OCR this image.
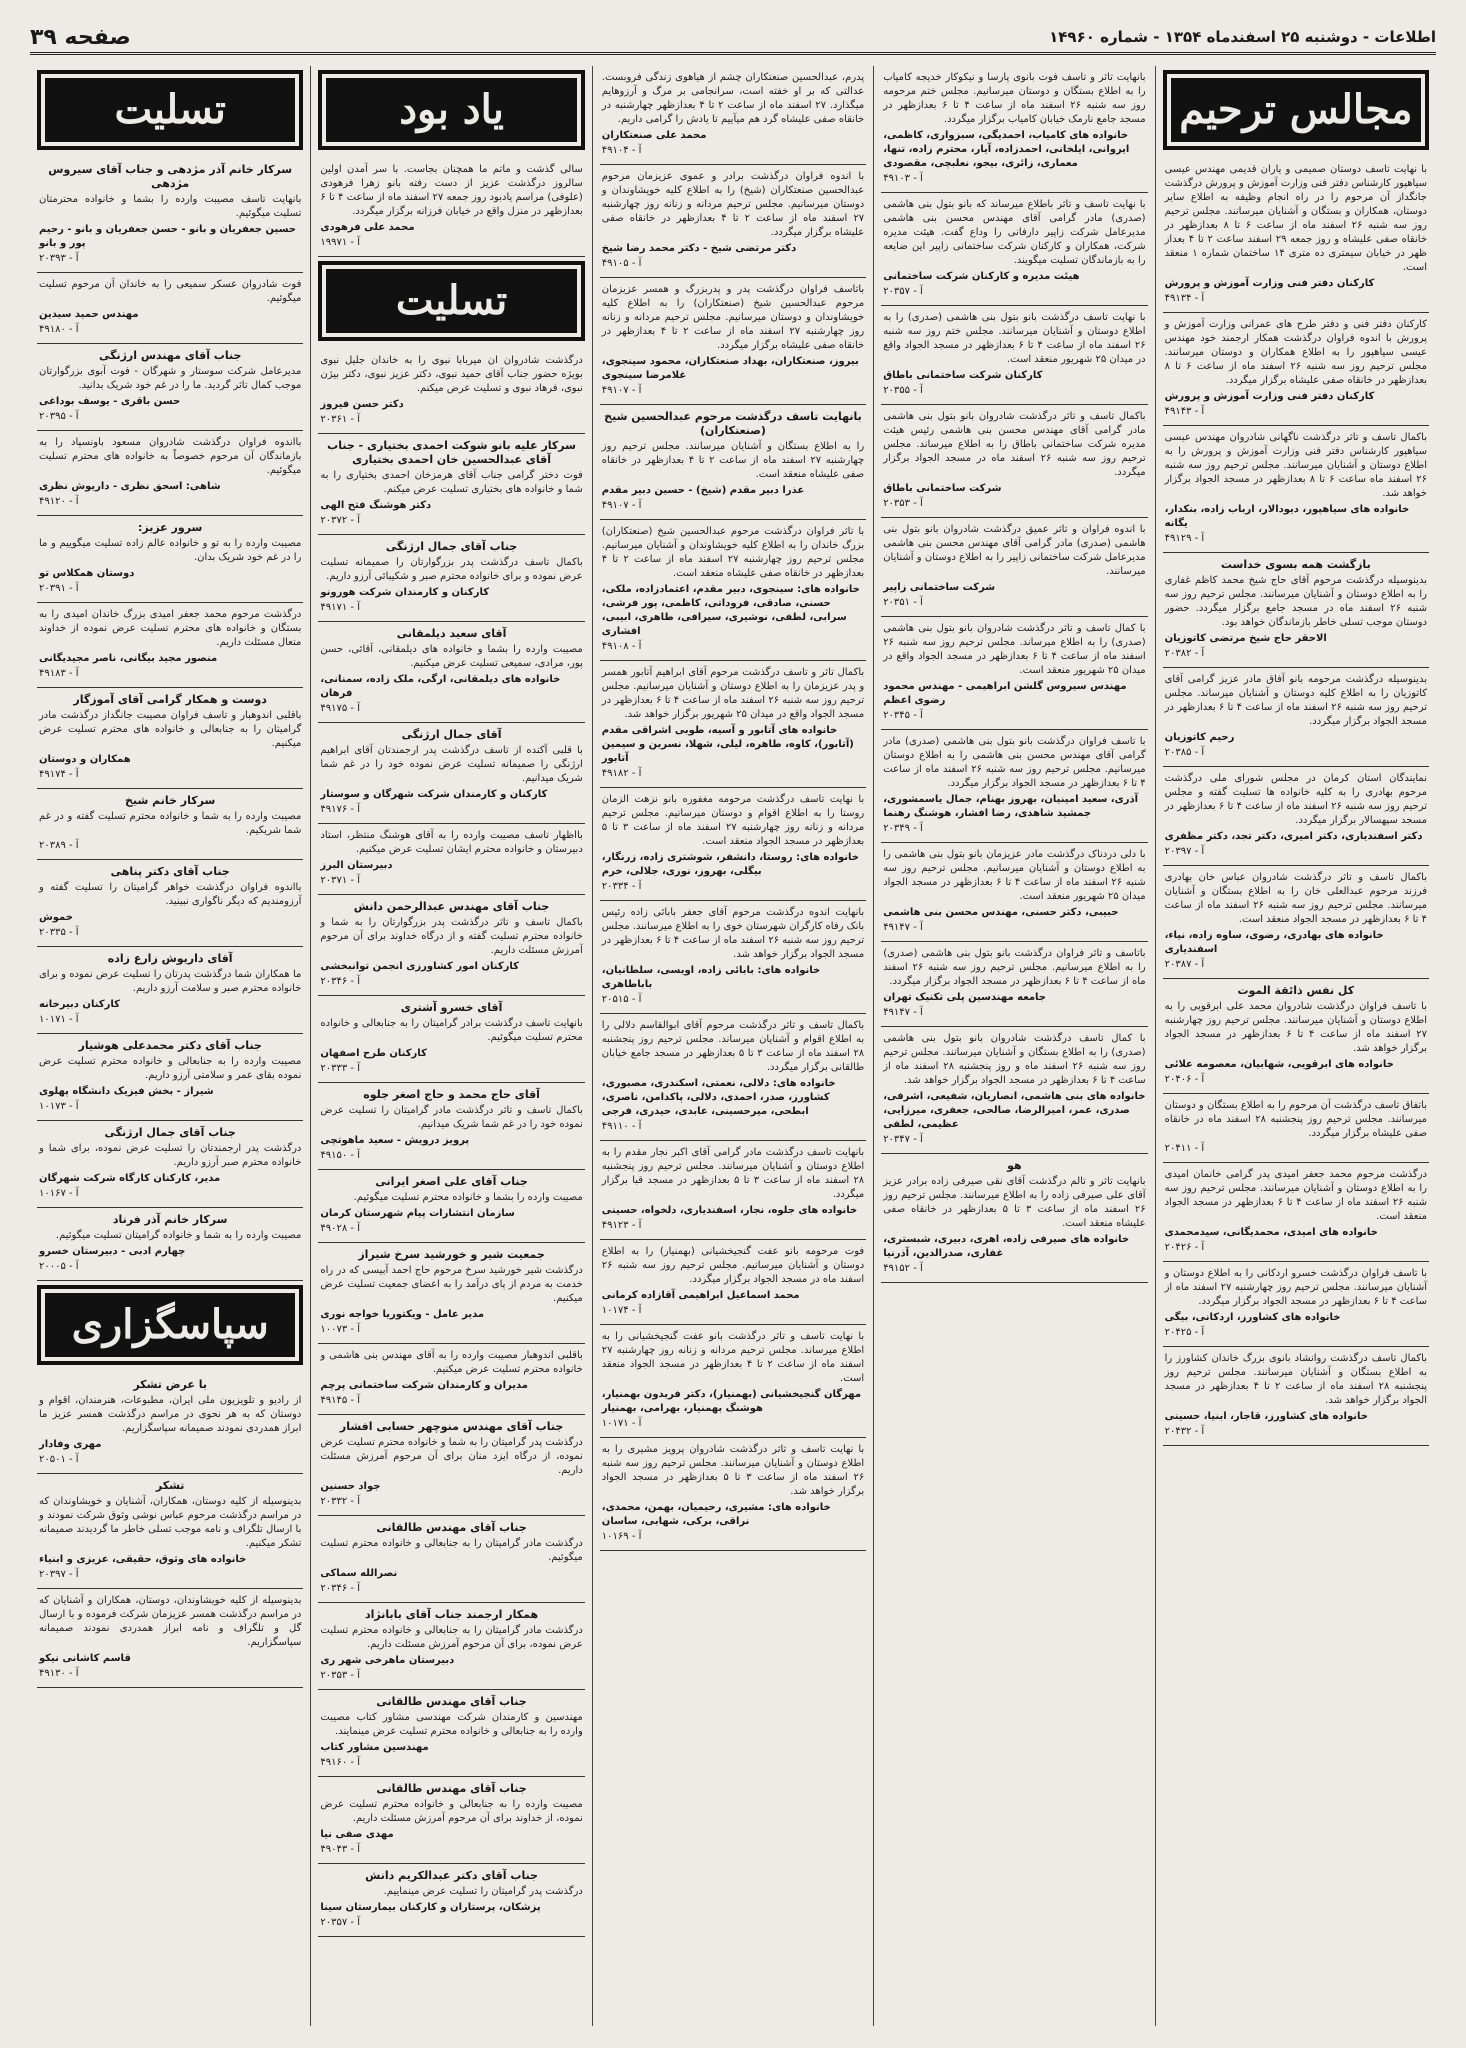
اطلاعات - دوشنبه ۲۵ اسفندماه ۱۳۵۴ - شماره ۱۴۹۶۰
صفحه ۳۹
مجالس ترحیم
با نهایت تاسف دوستان صمیمی و یاران قدیمی مهندس عیسی سیاهپور کارشناس دفتر فنی وزارت آموزش و پرورش درگذشت جانگداز آن مرحوم را در راه انجام وظیفه به اطلاع سایر دوستان، همکاران و بستگان و آشنایان میرسانند. مجلس ترحیم روز سه شنبه ۲۶ اسفند ماه از ساعت ۶ تا ۸ بعدازظهر در خانقاه صفی علیشاه و روز جمعه ۲۹ اسفند ساعت ۲ تا ۴ بعداز ظهر در خیابان سیمتری ده متری ۱۴ ساختمان شماره ۱ منعقد است.
کارکنان دفتر فنی وزارت آموزش و پرورش
۴۹۱۳۴ - آ
کارکنان دفتر فنی و دفتر طرح های عمرانی وزارت آموزش و پرورش با اندوه فراوان درگذشت همکار ارجمند خود مهندس عیسی سیاهپور را به اطلاع همکاران و دوستان میرسانند. مجلس ترحیم روز سه شنبه ۲۶ اسفند ماه از ساعت ۶ تا ۸ بعدازظهر در خانقاه صفی علیشاه برگزار میگردد.
کارکنان دفتر فنی وزارت آموزش و پرورش
۴۹۱۴۳ - آ
باکمال تاسف و تاثر درگذشت ناگهانی شادروان مهندس عیسی سیاهپور کارشناس دفتر فنی وزارت آموزش و پرورش را به اطلاع دوستان و آشنایان میرسانند. مجلس ترحیم روز سه شنبه ۲۶ اسفند ماه ساعت ۶ تا ۸ بعدازظهر در مسجد الجواد برگزار خواهد شد.
خانواده های سیاهپور، دیودالار، ارباب زاده، بنکدار، یگانه
۴۹۱۲۹ - آ
بازگشت همه بسوی خداست
بدینوسیله درگذشت مرحوم آقای حاج شیخ محمد کاظم غفاری را به اطلاع دوستان و آشنایان میرسانند. مجلس ترحیم روز سه شنبه ۲۶ اسفند ماه در مسجد جامع برگزار میگردد. حضور دوستان موجب تسلی خاطر بازماندگان خواهد بود.
الاحقر حاج شیخ مرتضی کاتوزیان
۲۰۳۸۲ - آ
بدینوسیله درگذشت مرحومه بانو آفاق مادر عزیز گرامی آقای کاتوزیان را به اطلاع کلیه دوستان و آشنایان میرساند. مجلس ترحیم روز سه شنبه ۲۶ اسفند ماه از ساعت ۴ تا ۶ بعدازظهر در مسجد الجواد برگزار میگردد.
رحیم کاتوزیان
۲۰۳۸۵ - آ
نمایندگان استان کرمان در مجلس شورای ملی درگذشت مرحوم بهادری را به کلیه خانواده ها تسلیت گفته و مجلس ترحیم روز سه شنبه ۲۶ اسفند ماه از ساعت ۴ تا ۶ بعدازظهر در مسجد سپهسالار برگزار میگردد.
دکتر اسفندیاری، دکتر امیری، دکتر تجد، دکتر مظفری
۲۰۳۹۷ - آ
باکمال تاسف و تاثر درگذشت شادروان عباس خان بهادری فرزند مرحوم عبدالعلی خان را به اطلاع بستگان و آشنایان میرسانند. مجلس ترحیم روز سه شنبه ۲۶ اسفند ماه از ساعت ۴ تا ۶ بعدازظهر در مسجد الجواد منعقد است.
خانواده های بهادری، رضوی، ساوه زاده، نیاء، اسفندیاری
۲۰۳۸۷ - آ
کل نفس ذائقة الموت
با تاسف فراوان درگذشت شادروان محمد علی ابرقویی را به اطلاع دوستان و آشنایان میرسانند. مجلس ترحیم روز چهارشنبه ۲۷ اسفند ماه از ساعت ۴ تا ۶ بعدازظهر در مسجد الجواد برگزار خواهد شد.
خانواده های ابرقویی، شهابیان، معصومه علائی
۲۰۴۰۶ - آ
باتفاق تاسف درگذشت آن مرحوم را به اطلاع بستگان و دوستان میرسانند. مجلس ترحیم روز پنجشنبه ۲۸ اسفند ماه در خانقاه صفی علیشاه برگزار میگردد.
۲۰۴۱۱ - آ
درگذشت مرحوم محمد جعفر امیدی پدر گرامی خانمان امیدی را به اطلاع دوستان و آشنایان میرسانند. مجلس ترحیم روز سه شنبه ۲۶ اسفند ماه از ساعت ۴ تا ۶ بعدازظهر در مسجد الجواد منعقد است.
خانواده های امیدی، محمدیگانی، سیدمحمدی
۲۰۴۲۶ - آ
با تاسف فراوان درگذشت خسرو اردکانی را به اطلاع دوستان و آشنایان میرسانند. مجلس ترحیم روز چهارشنبه ۲۷ اسفند ماه از ساعت ۴ تا ۶ بعدازظهر در مسجد الجواد برگزار میگردد.
خانواده های کشاورز، اردکانی، بیگی
۲۰۴۲۵ - آ
باکمال تاسف درگذشت روانشاد بانوی بزرگ خاندان کشاورز را به اطلاع بستگان و آشنایان میرسانند. مجلس ترحیم روز پنجشنبه ۲۸ اسفند ماه از ساعت ۲ تا ۴ بعدازظهر در مسجد الجواد برگزار خواهد شد.
خانواده های کشاورز، قاجار، ابنیا، حسینی
۲۰۴۳۲ - آ
بانهایت تاثر و تاسف فوت بانوی پارسا و نیکوکار خدیجه کامیاب را به اطلاع بستگان و دوستان میرسانیم. مجلس ختم مرحومه روز سه شنبه ۲۶ اسفند ماه از ساعت ۴ تا ۶ بعدازظهر در مسجد جامع نارمک خیابان کامیاب برگزار میگردد.
خانواده های کامیاب، احمدیگی، سبزواری، کاظمی، ایروانی، ایلخانی، احمدزاده، آیار، محترم زاده، تنها، معماری، زائری، بیجو، نعلبچی، مقصودی
۴۹۱۰۳ - آ
با نهایت تاسف و تاثر باطلاع میرساند که بانو بتول بنی هاشمی (صدری) مادر گرامی آقای مهندس محسن بنی هاشمی مدیرعامل شرکت زاپیر دارفانی را وداع گفت. هیئت مدیره شرکت، همکاران و کارکنان شرکت ساختمانی زاپیر این ضایعه را به بازماندگان تسلیت میگویند.
هیئت مدیره و کارکنان شرکت ساختمانی
۲۰۳۵۷ - آ
با نهایت تاسف درگذشت بانو بتول بنی هاشمی (صدری) را به اطلاع دوستان و آشنایان میرسانند. مجلس ختم روز سه شنبه ۲۶ اسفند ماه از ساعت ۴ تا ۶ بعدازظهر در مسجد الجواد واقع در میدان ۲۵ شهریور منعقد است.
کارکنان شرکت ساختمانی باطاق
۲۰۳۵۵ - آ
باکمال تاسف و تاثر درگذشت شادروان بانو بتول بنی هاشمی مادر گرامی آقای مهندس محسن بنی هاشمی رئیس هیئت مدیره شرکت ساختمانی باطاق را به اطلاع میرساند. مجلس ترحیم روز سه شنبه ۲۶ اسفند ماه در مسجد الجواد برگزار میگردد.
شرکت ساختمانی باطاق
۲۰۳۵۳ - آ
با اندوه فراوان و تاثر عمیق درگذشت شادروان بانو بتول بنی هاشمی (صدری) مادر گرامی آقای مهندس محسن بنی هاشمی مدیرعامل شرکت ساختمانی زاپیر را به اطلاع دوستان و آشنایان میرسانند.
شرکت ساختمانی زاپیر
۲۰۳۵۱ - آ
با کمال تاسف و تاثر درگذشت شادروان بانو بتول بنی هاشمی (صدری) را به اطلاع میرساند. مجلس ترحیم روز سه شنبه ۲۶ اسفند ماه از ساعت ۴ تا ۶ بعدازظهر در مسجد الجواد واقع در میدان ۲۵ شهریور منعقد است.
مهندس سیروس گلشن ابراهیمی - مهندس محمود رضوی اعظم
۲۰۳۴۵ - آ
با تاسف فراوان درگذشت بانو بتول بنی هاشمی (صدری) مادر گرامی آقای مهندس محسن بنی هاشمی را به اطلاع دوستان میرسانیم. مجلس ترحیم روز سه شنبه ۲۶ اسفند ماه از ساعت ۴ تا ۶ بعدازظهر در مسجد الجواد برگزار میگردد.
آذری، سعید امینیان، بهروز بهنام، جمال یاسمشوری، جمشید شاهدی، رضا افشار، هوشنگ رهنما
۲۰۳۴۹ - آ
با دلی دردناک درگذشت مادر عزیزمان بانو بتول بنی هاشمی را به اطلاع دوستان و آشنایان میرسانیم. مجلس ترحیم روز سه شنبه ۲۶ اسفند ماه از ساعت ۴ تا ۶ بعدازظهر در مسجد الجواد میدان ۲۵ شهریور منعقد است.
حبیبی، دکتر حسنی، مهندس محسن بنی هاشمی
۴۹۱۴۷ - آ
باتاسف و تاثر فراوان درگذشت بانو بتول بنی هاشمی (صدری) را به اطلاع میرسانیم. مجلس ترحیم روز سه شنبه ۲۶ اسفند ماه از ساعت ۴ تا ۶ بعدازظهر در مسجد الجواد برگزار میگردد.
جامعه مهندسین پلی تکنیک تهران
۴۹۱۴۷ - آ
با کمال تاسف درگذشت شادروان بانو بتول بنی هاشمی (صدری) را به اطلاع بستگان و آشنایان میرسانند. مجلس ترحیم روز سه شنبه ۲۶ اسفند ماه و روز پنجشنبه ۲۸ اسفند ماه از ساعت ۴ تا ۶ بعدازظهر در مسجد الجواد برگزار خواهد شد.
خانواده های بنی هاشمی، انصاریان، شفیعی، اشرفی، صدری، عمر، امیرالرضا، صالحی، جعفری، میرزایی، عظیمی، لطفی
۲۰۳۴۷ - آ
هو
بانهایت تاثر و تالم درگذشت آقای نقی صیرفی زاده برادر عزیز آقای علی صیرفی زاده را به اطلاع میرسانند. مجلس ترحیم روز ۲۶ اسفند ماه از ساعت ۳ تا ۵ بعدازظهر در خانقاه صفی علیشاه منعقد است.
خانواده های صیرفی زاده، اهری، دبیری، شبستری، غفاری، صدرالدین، آذرنیا
۴۹۱۵۲ - آ
پدرم، عبدالحسین صنعتکاران چشم از هیاهوی زندگی فروبست. عدالتی که بر او خفته است، سرانجامی بر مرگ و آرزوهایم میگذارد. ۲۷ اسفند ماه از ساعت ۲ تا ۴ بعدازظهر چهارشنبه در خانقاه صفی علیشاه گرد هم میآییم تا یادش را گرامی داریم.
محمد علی صنعتکاران
۴۹۱۰۴ - آ
با اندوه فراوان درگذشت برادر و عموی عزیزمان مرحوم عبدالحسین صنعتکاران (شیخ) را به اطلاع کلیه خویشاوندان و دوستان میرسانیم. مجلس ترحیم مردانه و زنانه روز چهارشنبه ۲۷ اسفند ماه از ساعت ۲ تا ۴ بعدازظهر در خانقاه صفی علیشاه برگزار میگردد.
دکتر مرتضی شیخ - دکتر محمد رضا شیخ
۴۹۱۰۵ - آ
باتاسف فراوان درگذشت پدر و پدربزرگ و همسر عزیزمان مرحوم عبدالحسین شیخ (صنعتکاران) را به اطلاع کلیه خویشاوندان و دوستان میرسانیم. مجلس ترحیم مردانه و زنانه روز چهارشنبه ۲۷ اسفند ماه از ساعت ۲ تا ۴ بعدازظهر در خانقاه صفی علیشاه برگزار میگردد.
بیروز، صنعتکاران، بهداد صنعتکاران، محمود سینجوی، غلامرضا سینجوی
۴۹۱۰۷ - آ
بانهایت تاسف درگذشت مرحوم عبدالحسین شیخ (صنعتکاران)
را به اطلاع بستگان و آشنایان میرسانند. مجلس ترحیم روز چهارشنبه ۲۷ اسفند ماه از ساعت ۲ تا ۴ بعدازظهر در خانقاه صفی علیشاه منعقد است.
عذرا دبیر مقدم (شیخ) - حسین دبیر مقدم
۴۹۱۰۷ - آ
با تاثر فراوان درگذشت مرحوم عبدالحسین شیخ (صنعتکاران) بزرگ خاندان را به اطلاع کلیه خویشاوندان و آشنایان میرسانیم. مجلس ترحیم روز چهارشنبه ۲۷ اسفند ماه از ساعت ۲ تا ۴ بعدازظهر در خانقاه صفی علیشاه منعقد است.
خانواده های: سینجوی، دبیر مقدم، اعتمادزاده، ملکی، حسنی، صادقی، فروداتی، کاظمی، پور فرشی، سرابی، لطفی، نوشیری، سیرافی، طاهری، ابیبی، افشاری
۴۹۱۰۸ - آ
باکمال تاثر و تاسف درگذشت مرحوم آقای ابراهیم آتابور همسر و پدر عزیزمان را به اطلاع دوستان و آشنایان میرسانیم. مجلس ترحیم روز سه شنبه ۲۶ اسفند ماه از ساعت ۴ تا ۶ بعدازظهر در مسجد الجواد واقع در میدان ۲۵ شهریور برگزار خواهد شد.
خانواده های آتابور و آسیه، طوبی اشراقی مقدم (آتابور)، کاوه، طاهره، لیلی، شهلا، نسرین و سیمین آتابور
۴۹۱۸۲ - آ
با نهایت تاسف درگذشت مرحومه مغفوره بانو نزهت الزمان روستا را به اطلاع اقوام و دوستان میرسانیم. مجلس ترحیم مردانه و زنانه روز چهارشنبه ۲۷ اسفند ماه از ساعت ۳ تا ۵ بعدازظهر در مسجد الجواد منعقد است.
خانواده های: روستا، دانشفر، شوشتری زاده، زرنگار، بیگلی، بهروز، نوری، جلالی، خرم
۲۰۳۳۴ - آ
بانهایت اندوه درگذشت مرحوم آقای جعفر بابائی زاده رئیس بانک رفاه کارگران شهرستان خوی را به اطلاع میرسانند. مجلس ترحیم روز سه شنبه ۲۶ اسفند ماه از ساعت ۴ تا ۶ بعدازظهر در مسجد الجواد برگزار خواهد شد.
خانواده های: بابائی زاده، اویسی، سلطانیان، باباطاهری
۲۰۵۱۵ - آ
باکمال تاسف و تاثر درگذشت مرحوم آقای ابوالقاسم دلالی را به اطلاع اقوام و آشنایان میرساند. مجلس ترحیم روز پنجشنبه ۲۸ اسفند ماه از ساعت ۳ تا ۵ بعدازظهر در مسجد جامع خیابان طالقانی برگزار میگردد.
خانواده های: دلالی، نعمتی، اسکندری، مصبوری، کشاورز، صدر، احمدی، دلالی، پاکدامن، ناصری، ابطحی، میرحسینی، عابدی، حیدری، فرجی
۴۹۱۱۰ - آ
بانهایت تاسف درگذشت مادر گرامی آقای اکبر نجار مقدم را به اطلاع دوستان و آشنایان میرسانند. مجلس ترحیم روز پنجشنبه ۲۸ اسفند ماه از ساعت ۳ تا ۵ بعدازظهر در مسجد قبا برگزار میگردد.
خانواده های جلوه، نجار، اسفندیاری، دلخواه، حسینی
۴۹۱۲۳ - آ
فوت مرحومه بانو عفت گنجیخشیانی (بهمنیار) را به اطلاع دوستان و آشنایان میرسانیم. مجلس ترحیم روز سه شنبه ۲۶ اسفند ماه در مسجد الجواد برگزار میگردد.
محمد اسماعیل ابراهیمی آقازاده کرمانی
۱۰۱۷۴ - آ
با نهایت تاسف و تاثر درگذشت بانو عفت گنجیخشیانی را به اطلاع میرساند. مجلس ترحیم مردانه و زنانه روز چهارشنبه ۲۷ اسفند ماه از ساعت ۲ تا ۴ بعدازظهر در مسجد الجواد منعقد است.
مهرگان گنجیخشیانی (بهمنیار)، دکتر فریدون بهمنیار، هوشنگ بهمنیار، بهرامی، بهمنیار
۱۰۱۷۱ - آ
با نهایت تاسف و تاثر درگذشت شادروان پرویز مشیری را به اطلاع دوستان و آشنایان میرسانند. مجلس ترحیم روز سه شنبه ۲۶ اسفند ماه از ساعت ۳ تا ۵ بعدازظهر در مسجد الجواد برگزار خواهد شد.
خانواده های: مشیری، رحیمیان، بهمن، محمدی، نراقی، برکی، شهابی، ساسان
۱۰۱۶۹ - آ
یاد بود
سالی گذشت و ماتم ما همچنان بجاست. با سر آمدن اولین سالروز درگذشت عزیز از دست رفته بانو زهرا فرهودی (علوفی) مراسم یادبود روز جمعه ۲۷ اسفند ماه از ساعت ۴ تا ۶ بعدازظهر در منزل واقع در خیابان فرزانه برگزار میگردد.
محمد علی فرهودی
۱۹۹۷۱ - آ
تسلیت
درگذشت شادروان ان میربابا نبوی را به خاندان جلیل نبوی بویژه حضور جناب آقای حمید نبوی، دکتر عزیز نبوی، دکتر بیژن نبوی، فرهاد نبوی و تسلیت عرض میکنم.
دکتر حسن فیروز
۲۰۳۶۱ - آ
سرکار علیه بانو شوکت احمدی بختیاری - جناب آقای عبدالحسین خان احمدی بختیاری
فوت دختر گرامی جناب آقای هرمزخان احمدی بختیاری را به شما و خانواده های بختیاری تسلیت عرض میکنم.
دکتر هوشنگ فتح الهی
۲۰۳۷۲ - آ
جناب آقای جمال ارژنگی
باکمال تاسف درگذشت پدر بزرگوارتان را صمیمانه تسلیت عرض نموده و برای خانواده محترم صبر و شکیبائی آرزو داریم.
کارکنان و کارمندان شرکت هورونو
۴۹۱۷۱ - آ
آقای سعید دیلمقانی
مصیبت وارده را بشما و خانواده های دیلمقانی، آقائی، حسن پور، مرادی، سمیعی تسلیت عرض میکنیم.
خانواده های دیلمقانی، ارگی، ملک زاده، سمنانی، فرهان
۴۹۱۷۵ - آ
آقای جمال ارژنگی
با قلبی آکنده از تاسف درگذشت پدر ارجمندتان آقای ابراهیم ارژنگی را صمیمانه تسلیت عرض نموده خود را در غم شما شریک میدانیم.
کارکنان و کارمندان شرکت شهرگان و سوستار
۴۹۱۷۶ - آ
بااظهار تاسف مصیبت وارده را به آقای هوشنگ منتظر، استاد دبیرستان و خانواده محترم ایشان تسلیت عرض میکنیم.
دبیرستان البرز
۲۰۳۷۱ - آ
جناب آقای مهندس عبدالرحمن دانش
باکمال تاسف و تاثر درگذشت پدر بزرگوارتان را به شما و خانواده محترم تسلیت گفته و از درگاه خداوند برای آن مرحوم آمرزش مسئلت داریم.
کارکنان امور کشاورزی انجمن توانبخشی
۲۰۳۴۶ - آ
آقای خسرو آشتری
بانهایت تاسف درگذشت برادر گرامیتان را به جنابعالی و خانواده محترم تسلیت میگوئیم.
کارکنان طرح اصفهان
۲۰۳۳۳ - آ
آقای حاج محمد و حاج اصغر جلوه
باکمال تاسف و تاثر درگذشت مادر گرامیتان را تسلیت عرض نموده خود را در غم شما شریک میدانیم.
پرویز درویش - سعید ماهوتچی
۴۹۱۵۰ - آ
جناب آقای علی اصغر ایرانی
مصیبت وارده را بشما و خانواده محترم تسلیت میگوئیم.
سازمان انتشارات پیام شهرستان کرمان
۴۹۰۲۸ - آ
جمعیت شیر و خورشید سرخ شیراز
درگذشت شیر خورشید سرخ مرحوم حاج احمد آبیسی که در راه خدمت به مردم از پای درآمد را به اعضای جمعیت تسلیت عرض میکنیم.
مدیر عامل - ویکتوریا خواجه نوری
۱۰۰۷۳ - آ
باقلبی اندوهبار مصیبت وارده را به آقای مهندس بنی هاشمی و خانواده محترم تسلیت عرض میکنیم.
مدیران و کارمندان شرکت ساختمانی پرچم
۴۹۱۴۵ - آ
جناب آقای مهندس منوچهر حسابی افشار
درگذشت پدر گرامیتان را به شما و خانواده محترم تسلیت عرض نموده، از درگاه ایزد منان برای آن مرحوم آمرزش مسئلت داریم.
جواد حسنین
۲۰۳۳۲ - آ
جناب آقای مهندس طالقانی
درگذشت مادر گرامیتان را به جنابعالی و خانواده محترم تسلیت میگوئیم.
نصرالله سماکی
۲۰۳۴۶ - آ
همکار ارجمند جناب آقای بابانژاد
درگذشت مادر گرامیتان را به جنابعالی و خانواده محترم تسلیت عرض نموده، برای آن مرحوم آمرزش مسئلت داریم.
دبیرستان ماهرخی شهر ری
۲۰۳۵۳ - آ
جناب آقای مهندس طالقانی
مهندسین و کارمندان شرکت مهندسی مشاور کتاب مصیبت وارده را به جنابعالی و خانواده محترم تسلیت عرض مینمایند.
مهندسین مشاور کتاب
۴۹۱۶۰ - آ
جناب آقای مهندس طالقانی
مصیبت وارده را به جنابعالی و خانواده محترم تسلیت عرض نموده، از خداوند برای آن مرحوم آمرزش مسئلت داریم.
مهدی صفی نیا
۴۹۰۴۳ - آ
جناب آقای دکتر عبدالکریم دانش
درگذشت پدر گرامیتان را تسلیت عرض مینماییم.
پزشکان، پرستاران و کارکنان بیمارستان سینا
۲۰۳۵۷ - آ
تسلیت
سرکار خانم آذر مژدهی و جناب آقای سیروس مژدهی
بانهایت تاسف مصیبت وارده را بشما و خانواده محترمتان تسلیت میگوئیم.
حسین جعفریان و بانو - حسن جعفریان و بانو - رحیم پور و بانو
۲۰۳۹۳ - آ
فوت شادروان عسکر سمیعی را به خاندان آن مرحوم تسلیت میگوئیم.
مهندس حمید سیدین
۴۹۱۸۰ - آ
جناب آقای مهندس ارژنگی
مدیرعامل شرکت سوستار و شهرگان - فوت آبوی بزرگوارتان موجب کمال تاثر گردید. ما را در غم خود شریک بدانید.
حسن باقری - یوسف بوداغی
۲۰۳۹۵ - آ
بااندوه فراوان درگذشت شادروان مسعود باونسپاد را به بازماندگان آن مرحوم خصوصاً به خانواده های محترم تسلیت میگوئیم.
شاهی: اسحق نظری - داریوش نظری
۴۹۱۲۰ - آ
سرور عزیز:
مصیبت وارده را به تو و خانواده عالم زاده تسلیت میگوییم و ما را در غم خود شریک بدان.
دوستان همکلاس تو
۲۰۳۹۱ - آ
درگذشت مرحوم محمد جعفر امیدی بزرگ خاندان امیدی را به بستگان و خانواده های محترم تسلیت عرض نموده از خداوند متعال مسئلت داریم.
منصور مجید بیگانی، ناصر مجیدیگانی
۴۹۱۸۳ - آ
دوست و همکار گرامی آقای آموزگار
باقلبی اندوهبار و تاسف فراوان مصیبت جانگداز درگذشت مادر گرامیتان را به جنابعالی و خانواده های محترم تسلیت عرض میکنیم.
همکاران و دوستان
۴۹۱۷۴ - آ
سرکار خانم شیخ
مصیبت وارده را به شما و خانواده محترم تسلیت گفته و در غم شما شریکیم.
۲۰۳۸۹ - آ
جناب آقای دکتر پناهی
بااندوه فراوان درگذشت خواهر گرامیتان را تسلیت گفته و آرزومندیم که دیگر ناگواری نبینید.
خموش
۲۰۳۳۵ - آ
آقای داریوش زارع زاده
ما همکاران شما درگذشت پدرتان را تسلیت عرض نموده و برای خانواده محترم صبر و سلامت آرزو داریم.
کارکنان دبیرخانه
۱۰۱۷۱ - آ
جناب آقای دکتر محمدعلی هوشیار
مصیبت وارده را به جنابعالی و خانواده محترم تسلیت عرض نموده بقای عمر و سلامتی آرزو داریم.
شیراز - بخش فیزیک دانشگاه پهلوی
۱۰۱۷۳ - آ
جناب آقای جمال ارژنگی
درگذشت پدر ارجمندتان را تسلیت عرض نموده، برای شما و خانواده محترم صبر آرزو داریم.
مدیر، کارکنان کارگاه شرکت شهرگان
۱۰۱۶۷ - آ
سرکار خانم آذر فرناد
مصیبت وارده را به شما و خانواده گرامیتان تسلیت میگوئیم.
چهارم ادبی - دبیرستان خسرو
۲۰۰۰۵ - آ
سپاسگزاری
با عرض تشکر
از رادیو و تلویزیون ملی ایران، مطبوعات، هنرمندان، اقوام و دوستان که به هر نحوی در مراسم درگذشت همسر عزیز ما ابراز همدردی نمودند صمیمانه سپاسگزاریم.
مهری وفادار
۲۰۵۰۱ - آ
تشکر
بدینوسیله از کلیه دوستان، همکاران، آشنایان و خویشاوندان که در مراسم درگذشت مرحوم عباس نوشی وثوق شرکت نمودند و با ارسال تلگراف و نامه موجب تسلی خاطر ما گردیدند صمیمانه تشکر میکنیم.
خانواده های وثوق، حقیقی، عزیزی و ابنیاء
۲۰۳۹۷ - آ
بدینوسیله از کلیه خویشاوندان، دوستان، همکاران و آشنایان که در مراسم درگذشت همسر عزیزمان شرکت فرموده و با ارسال گل و تلگراف و نامه ابراز همدردی نمودند صمیمانه سپاسگزاریم.
قاسم کاشانی نیکو
۴۹۱۳۰ - آ
